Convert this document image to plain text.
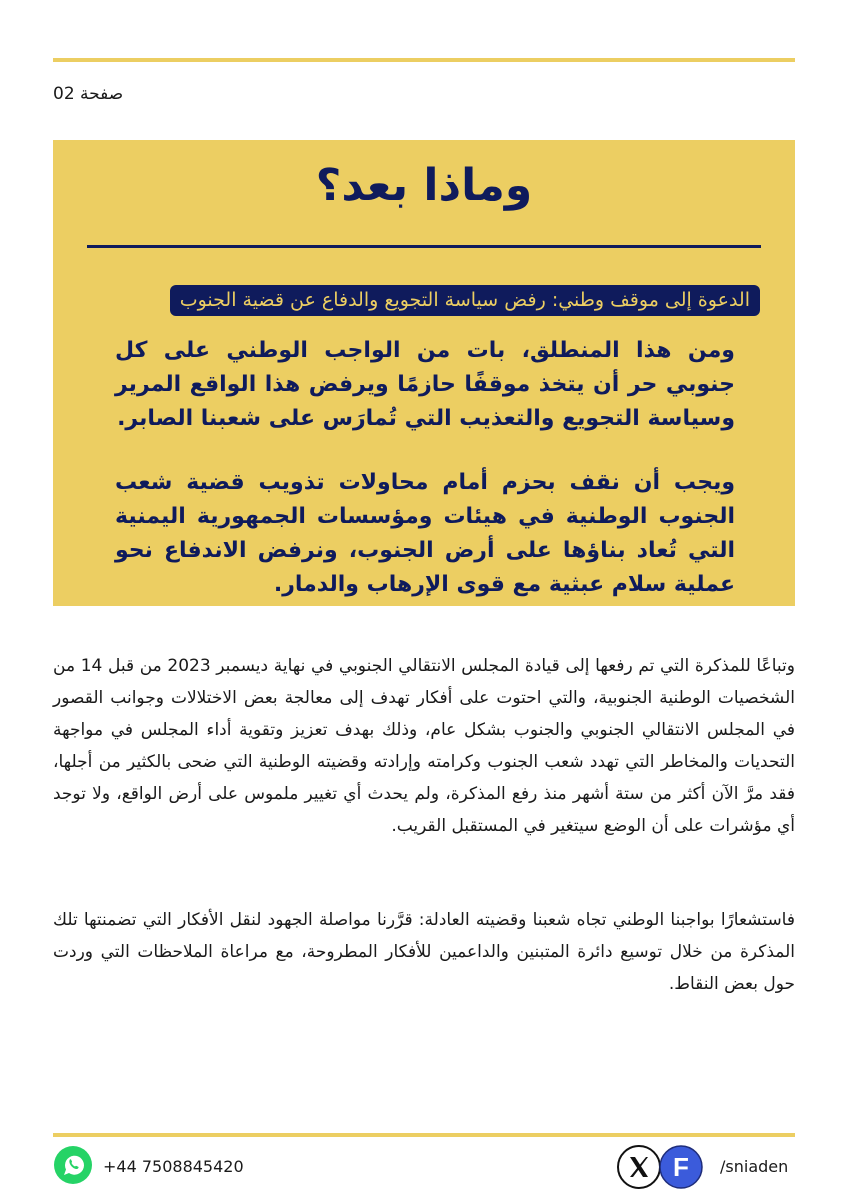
صفحة 02
وماذا بعد؟
الدعوة إلى موقف وطني: رفض سياسة التجويع والدفاع عن قضية الجنوب
ومن هذا المنطلق، بات من الواجب الوطني على كل جنوبي حر أن يتخذ موقفًا حازمًا ويرفض هذا الواقع المرير وسياسة التجويع والتعذيب التي تُمارَس على شعبنا الصابر.
ويجب أن نقف بحزم أمام محاولات تذويب قضية شعب الجنوب الوطنية في هيئات ومؤسسات الجمهورية اليمنية التي تُعاد بناؤها على أرض الجنوب، ونرفض الاندفاع نحو عملية سلام عبثية مع قوى الإرهاب والدمار.
وتباعًا للمذكرة التي تم رفعها إلى قيادة المجلس الانتقالي الجنوبي في نهاية ديسمبر 2023 من قبل 14 من الشخصيات الوطنية الجنوبية، والتي احتوت على أفكار تهدف إلى معالجة بعض الاختلالات وجوانب القصور في المجلس الانتقالي الجنوبي والجنوب بشكل عام، وذلك بهدف تعزيز وتقوية أداء المجلس في مواجهة التحديات والمخاطر التي تهدد شعب الجنوب وكرامته وإرادته وقضيته الوطنية التي ضحى بالكثير من أجلها، فقد مرَّ الآن أكثر من ستة أشهر منذ رفع المذكرة، ولم يحدث أي تغيير ملموس على أرض الواقع، ولا توجد أي مؤشرات على أن الوضع سيتغير في المستقبل القريب.
فاستشعارًا بواجبنا الوطني تجاه شعبنا وقضيته العادلة: قرَّرنا مواصلة الجهود لنقل الأفكار التي تضمنتها تلك المذكرة من خلال توسيع دائرة المتبنين والداعمين للأفكار المطروحة، مع مراعاة الملاحظات التي وردت حول بعض النقاط.
+44 7508845420	F /sniaden
